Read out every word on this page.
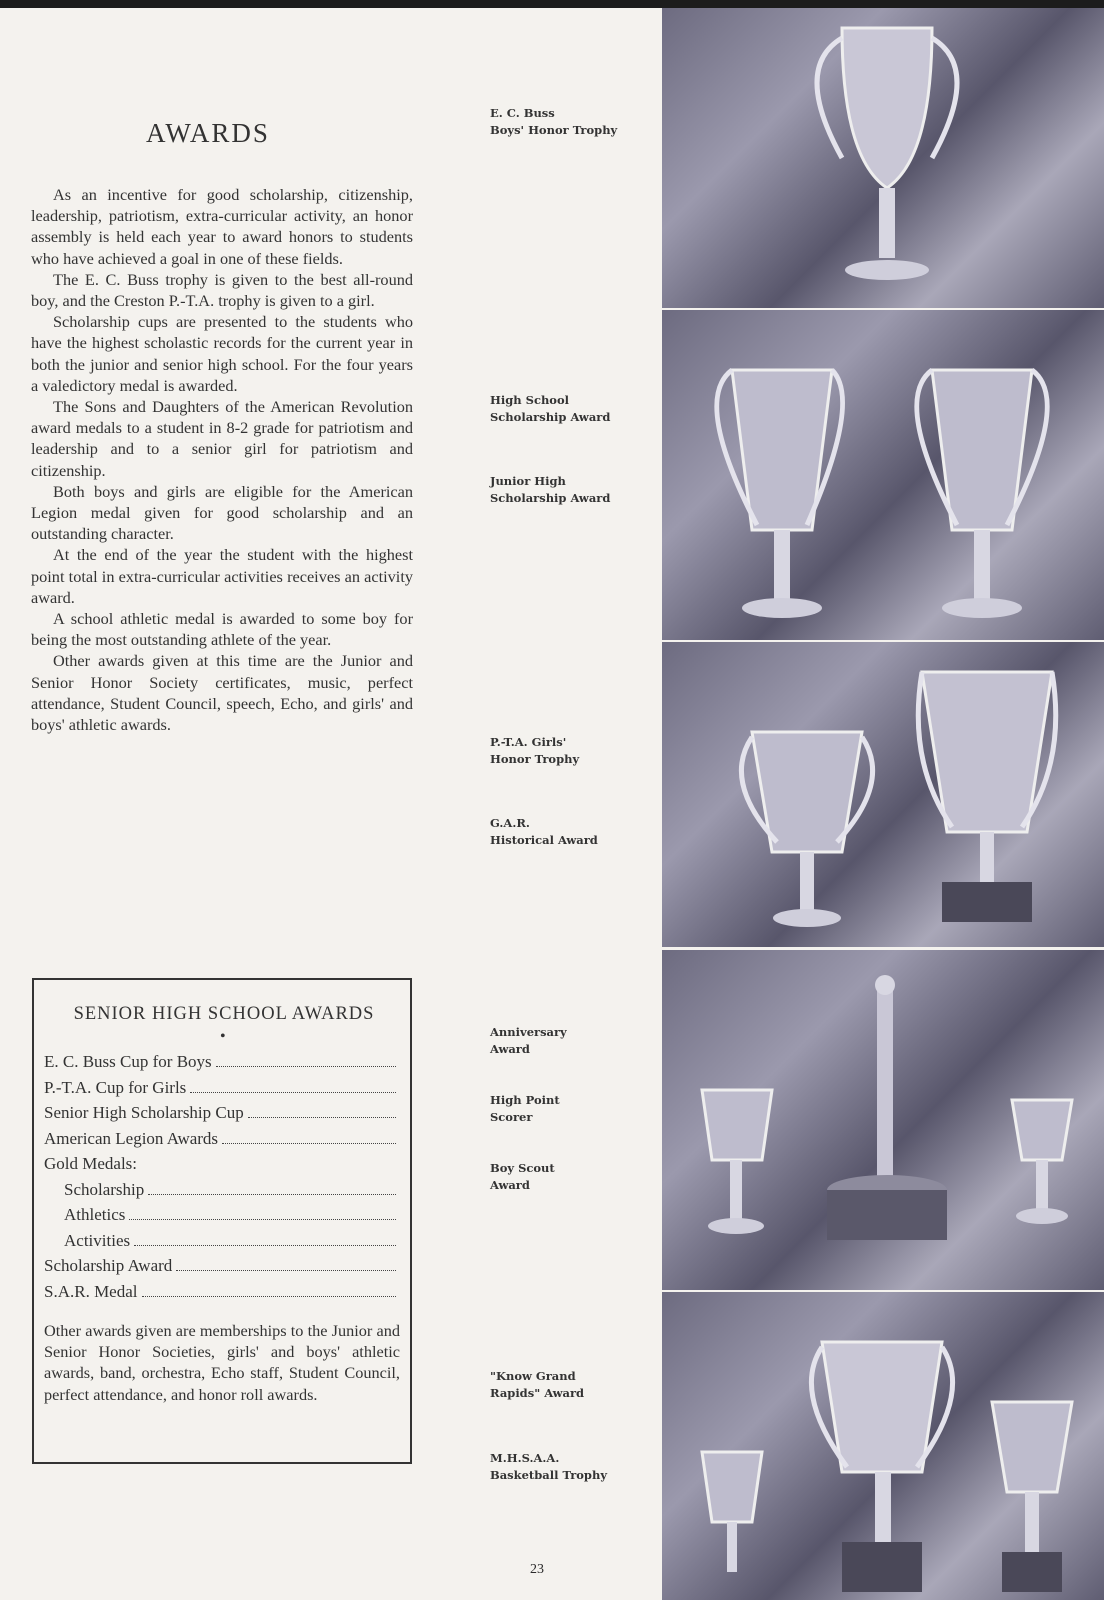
AWARDS

As an incentive for good scholarship, citizenship, leadership, patriotism, extra-curricular activity, an honor assembly is held each year to award honors to students who have achieved a goal in one of these fields.

The E. C. Buss trophy is given to the best all-round boy, and the Creston P.-T.A. trophy is given to a girl.

Scholarship cups are presented to the students who have the highest scholastic records for the current year in both the junior and senior high school. For the four years a valedictory medal is awarded.

The Sons and Daughters of the American Revolution award medals to a student in 8-2 grade for patriotism and leadership and to a senior girl for patriotism and citizenship.

Both boys and girls are eligible for the American Legion medal given for good scholarship and an outstanding character.

At the end of the year the student with the highest point total in extra-curricular activities receives an activity award.

A school athletic medal is awarded to some boy for being the most outstanding athlete of the year.

Other awards given at this time are the Junior and Senior Honor Society certificates, music, perfect attendance, Student Council, speech, Echo, and girls' and boys' athletic awards.

SENIOR HIGH SCHOOL AWARDS
•
E. C. Buss Cup for Boys
P.-T.A. Cup for Girls
Senior High Scholarship Cup
American Legion Awards
Gold Medals:
Scholarship
Athletics
Activities
Scholarship Award
S.A.R. Medal
Other awards given are memberships to the Junior and Senior Honor Societies, girls' and boys' athletic awards, band, orchestra, Echo staff, Student Council, perfect attendance, and honor roll awards.
E. C. Buss
Boys' Honor Trophy
High School
Scholarship Award
Junior High
Scholarship Award
P.-T.A. Girls'
Honor Trophy
G.A.R.
Historical Award
Anniversary
Award
High Point
Scorer
Boy Scout
Award
"Know Grand
Rapids" Award
M.H.S.A.A.
Basketball Trophy
23
